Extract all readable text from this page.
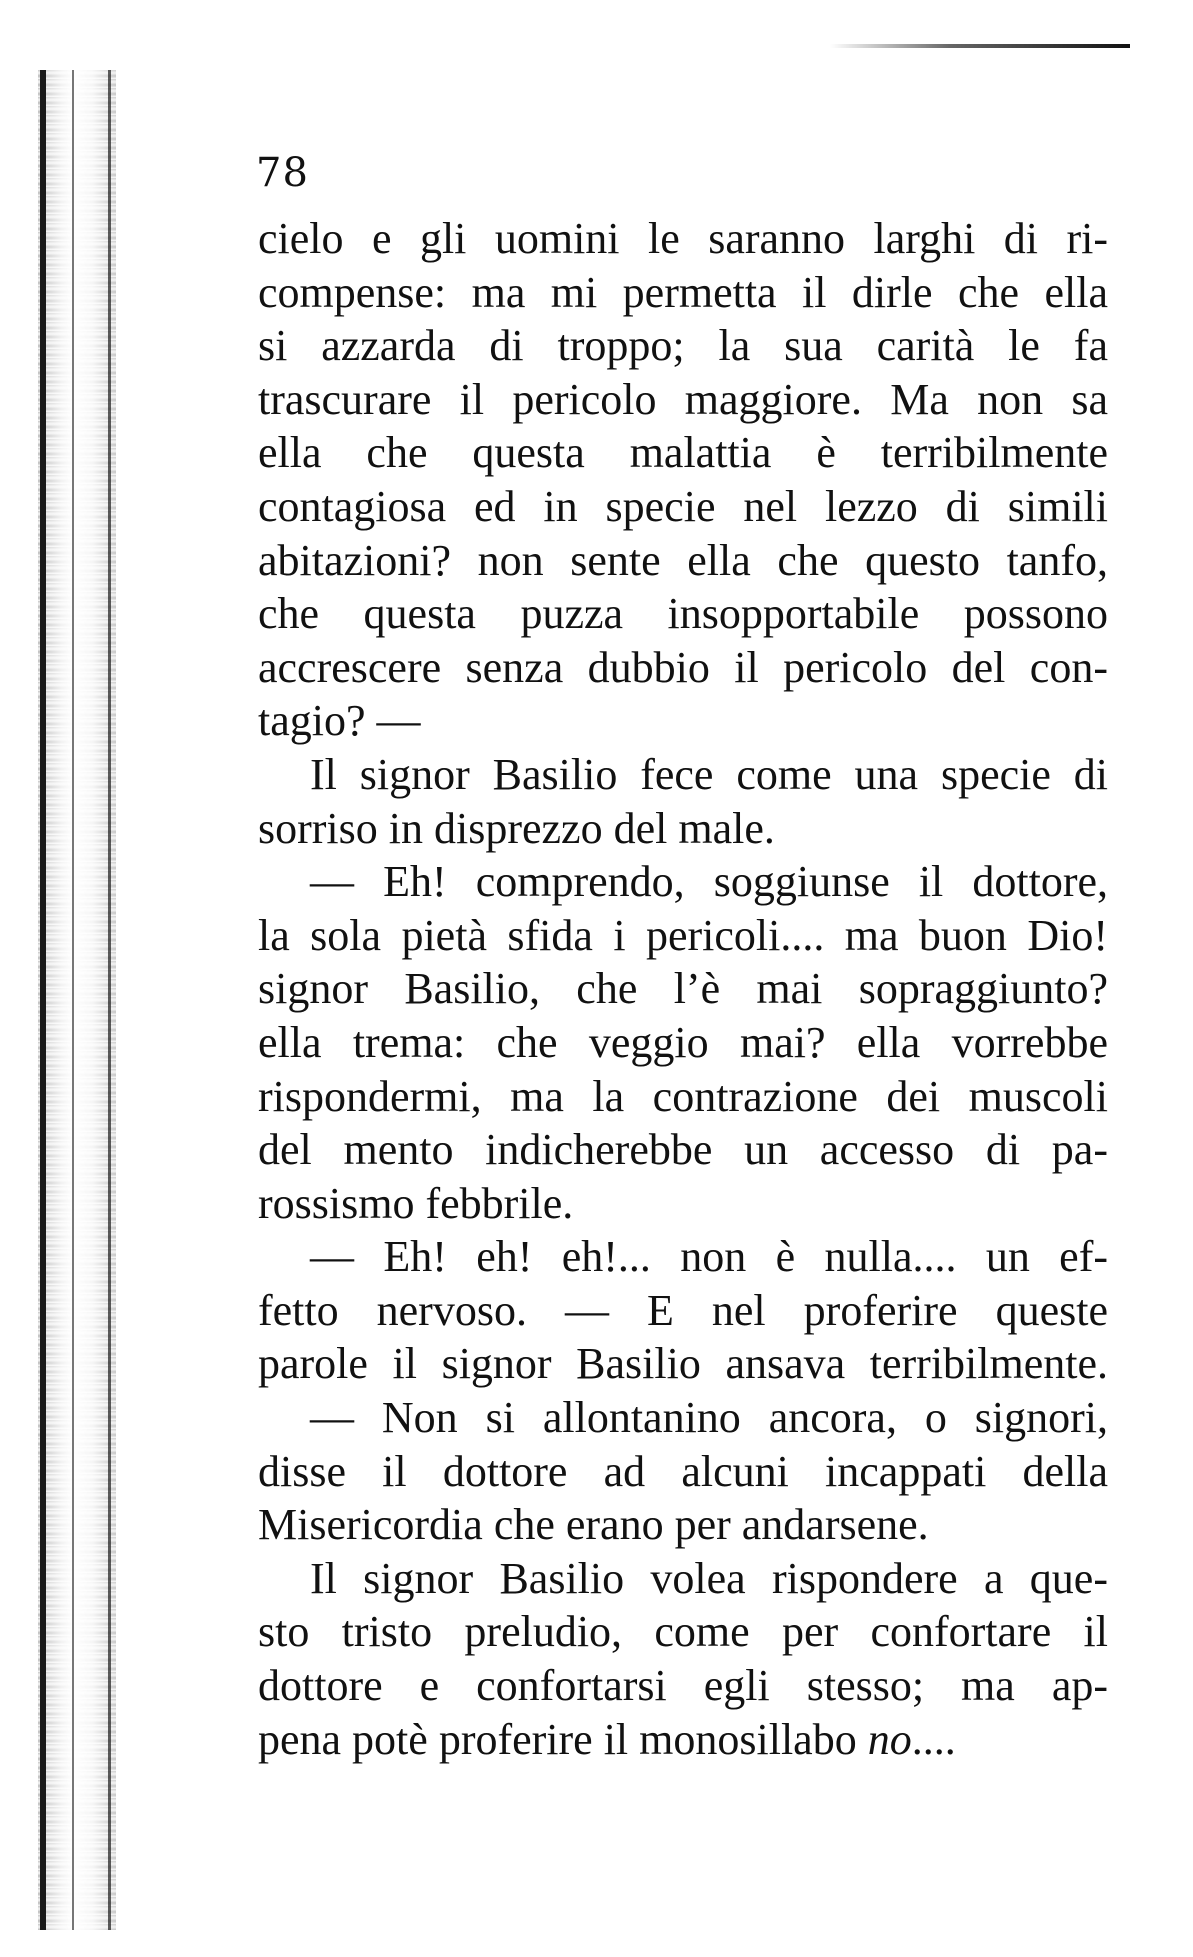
78
cielo e gli uomini le saranno larghi di ri-
compense: ma mi permetta il dirle che ella
si azzarda di troppo; la sua carità le fa
trascurare il pericolo maggiore. Ma non sa
ella che questa malattia è terribilmente
contagiosa ed in specie nel lezzo di simili
abitazioni? non sente ella che questo tanfo,
che questa puzza insopportabile possono
accrescere senza dubbio il pericolo del con-
tagio? —
Il signor Basilio fece come una specie di
sorriso in disprezzo del male.
— Eh! comprendo, soggiunse il dottore,
la sola pietà sfida i pericoli.... ma buon Dio!
signor Basilio, che l’è mai sopraggiunto?
ella trema: che veggio mai? ella vorrebbe
rispondermi, ma la contrazione dei muscoli
del mento indicherebbe un accesso di pa-
rossismo febbrile.
— Eh! eh! eh!... non è nulla.... un ef-
fetto nervoso. — E nel proferire queste
parole il signor Basilio ansava terribilmente.
— Non si allontanino ancora, o signori,
disse il dottore ad alcuni incappati della
Misericordia che erano per andarsene.
Il signor Basilio volea rispondere a que-
sto tristo preludio, come per confortare il
dottore e confortarsi egli stesso; ma ap-
pena potè proferire il monosillabo no....
